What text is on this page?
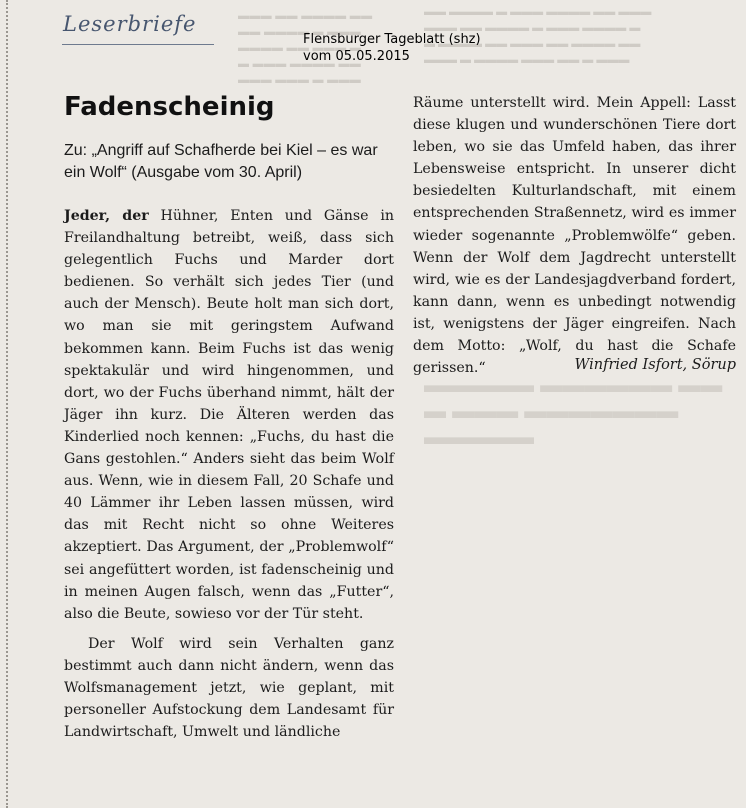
▬▬▬ ▬▬ ▬▬▬▬ ▬▬
▬▬ ▬▬▬▬ ▬ ▬▬▬
▬▬▬▬ ▬▬ ▬▬▬ ▬
▬ ▬▬▬ ▬▬▬▬ ▬▬
▬▬▬ ▬▬▬ ▬ ▬▬▬
▬▬ ▬▬▬▬ ▬ ▬▬▬ ▬▬▬▬ ▬▬ ▬▬▬
▬▬▬ ▬▬ ▬▬▬▬ ▬ ▬▬▬ ▬▬▬▬ ▬
▬ ▬▬▬▬ ▬▬ ▬▬▬ ▬▬ ▬▬▬▬ ▬▬
▬▬▬ ▬ ▬▬▬▬ ▬▬▬ ▬▬ ▬ ▬▬▬
▬▬▬▬▬ ▬▬▬▬▬▬ ▬▬
▬ ▬▬▬ ▬▬▬▬▬▬▬ ▬▬▬▬▬
Leserbriefe
Flensburger Tageblatt (shz)
vom 05.05.2015
Fadenscheinig
Zu: „Angriff auf Schafherde bei Kiel – es war ein Wolf“ (Ausgabe vom 30. April)

Jeder, der Hühner, Enten und Gänse in Freilandhaltung betreibt, weiß, dass sich gelegentlich Fuchs und Marder dort bedienen. So verhält sich jedes Tier (und auch der Mensch). Beute holt man sich dort, wo man sie mit geringstem Aufwand bekommen kann. Beim Fuchs ist das wenig spektakulär und wird hingenommen, und dort, wo der Fuchs überhand nimmt, hält der Jäger ihn kurz. Die Älteren werden das Kinderlied noch kennen: „Fuchs, du hast die Gans gestohlen.“ Anders sieht das beim Wolf aus. Wenn, wie in diesem Fall, 20 Schafe und 40 Lämmer ihr Leben lassen müssen, wird das mit Recht nicht so ohne Weiteres akzeptiert. Das Argument, der „Problemwolf“ sei angefüttert worden, ist fadenscheinig und in meinen Augen falsch, wenn das „Futter“, also die Beute, sowieso vor der Tür steht.

Der Wolf wird sein Verhalten ganz bestimmt auch dann nicht ändern, wenn das Wolfsmanagement jetzt, wie geplant, mit personeller Aufstockung dem Landesamt für Landwirtschaft, Umwelt und ländliche

Räume unterstellt wird. Mein Appell: Lasst diese klugen und wunderschönen Tiere dort leben, wo sie das Umfeld haben, das ihrer Lebensweise entspricht. In unserer dicht besiedelten Kulturlandschaft, mit einem entsprechenden Straßennetz, wird es immer wieder sogenannte „Problemwölfe“ geben. Wenn der Wolf dem Jagdrecht unterstellt wird, wie es der Landesjagdverband fordert, kann dann, wenn es unbedingt notwendig ist, wenigstens der Jäger eingreifen. Nach dem Motto: „Wolf, du hast die Schafe gerissen.“	Winfried Isfort, Sörup
